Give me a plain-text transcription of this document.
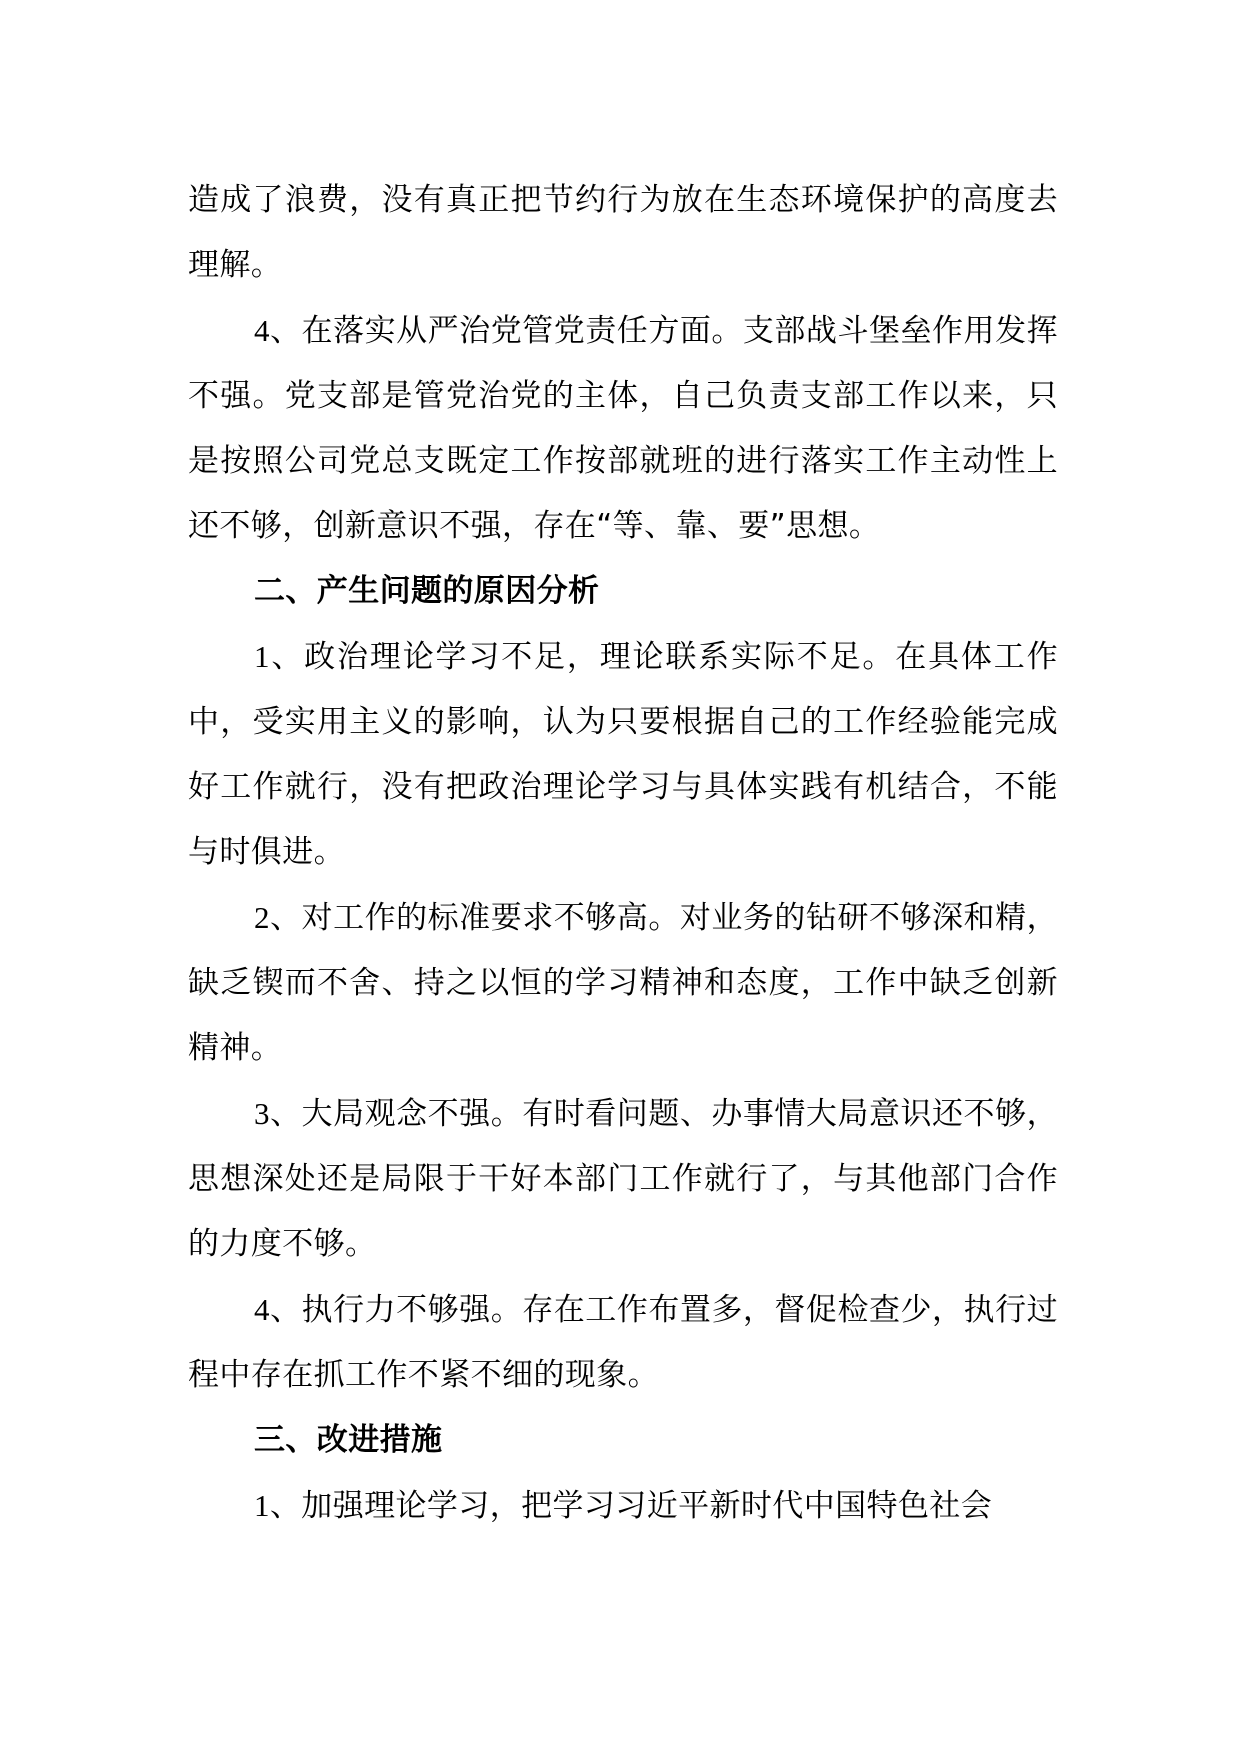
造成了浪费，没有真正把节约行为放在生态环境保护的高度去理解。

4、在落实从严治党管党责任方面。支部战斗堡垒作用发挥不强。党支部是管党治党的主体，自己负责支部工作以来，只是按照公司党总支既定工作按部就班的进行落实工作主动性上还不够，创新意识不强，存在“等、靠、要”思想。

二、产生问题的原因分析

1、政治理论学习不足，理论联系实际不足。在具体工作中，受实用主义的影响，认为只要根据自己的工作经验能完成好工作就行，没有把政治理论学习与具体实践有机结合，不能与时俱进。

2、对工作的标准要求不够高。对业务的钻研不够深和精，缺乏锲而不舍、持之以恒的学习精神和态度，工作中缺乏创新精神。

3、大局观念不强。有时看问题、办事情大局意识还不够，思想深处还是局限于干好本部门工作就行了，与其他部门合作的力度不够。

4、执行力不够强。存在工作布置多，督促检查少，执行过程中存在抓工作不紧不细的现象。

三、改进措施

1、加强理论学习，把学习习近平新时代中国特色社会
